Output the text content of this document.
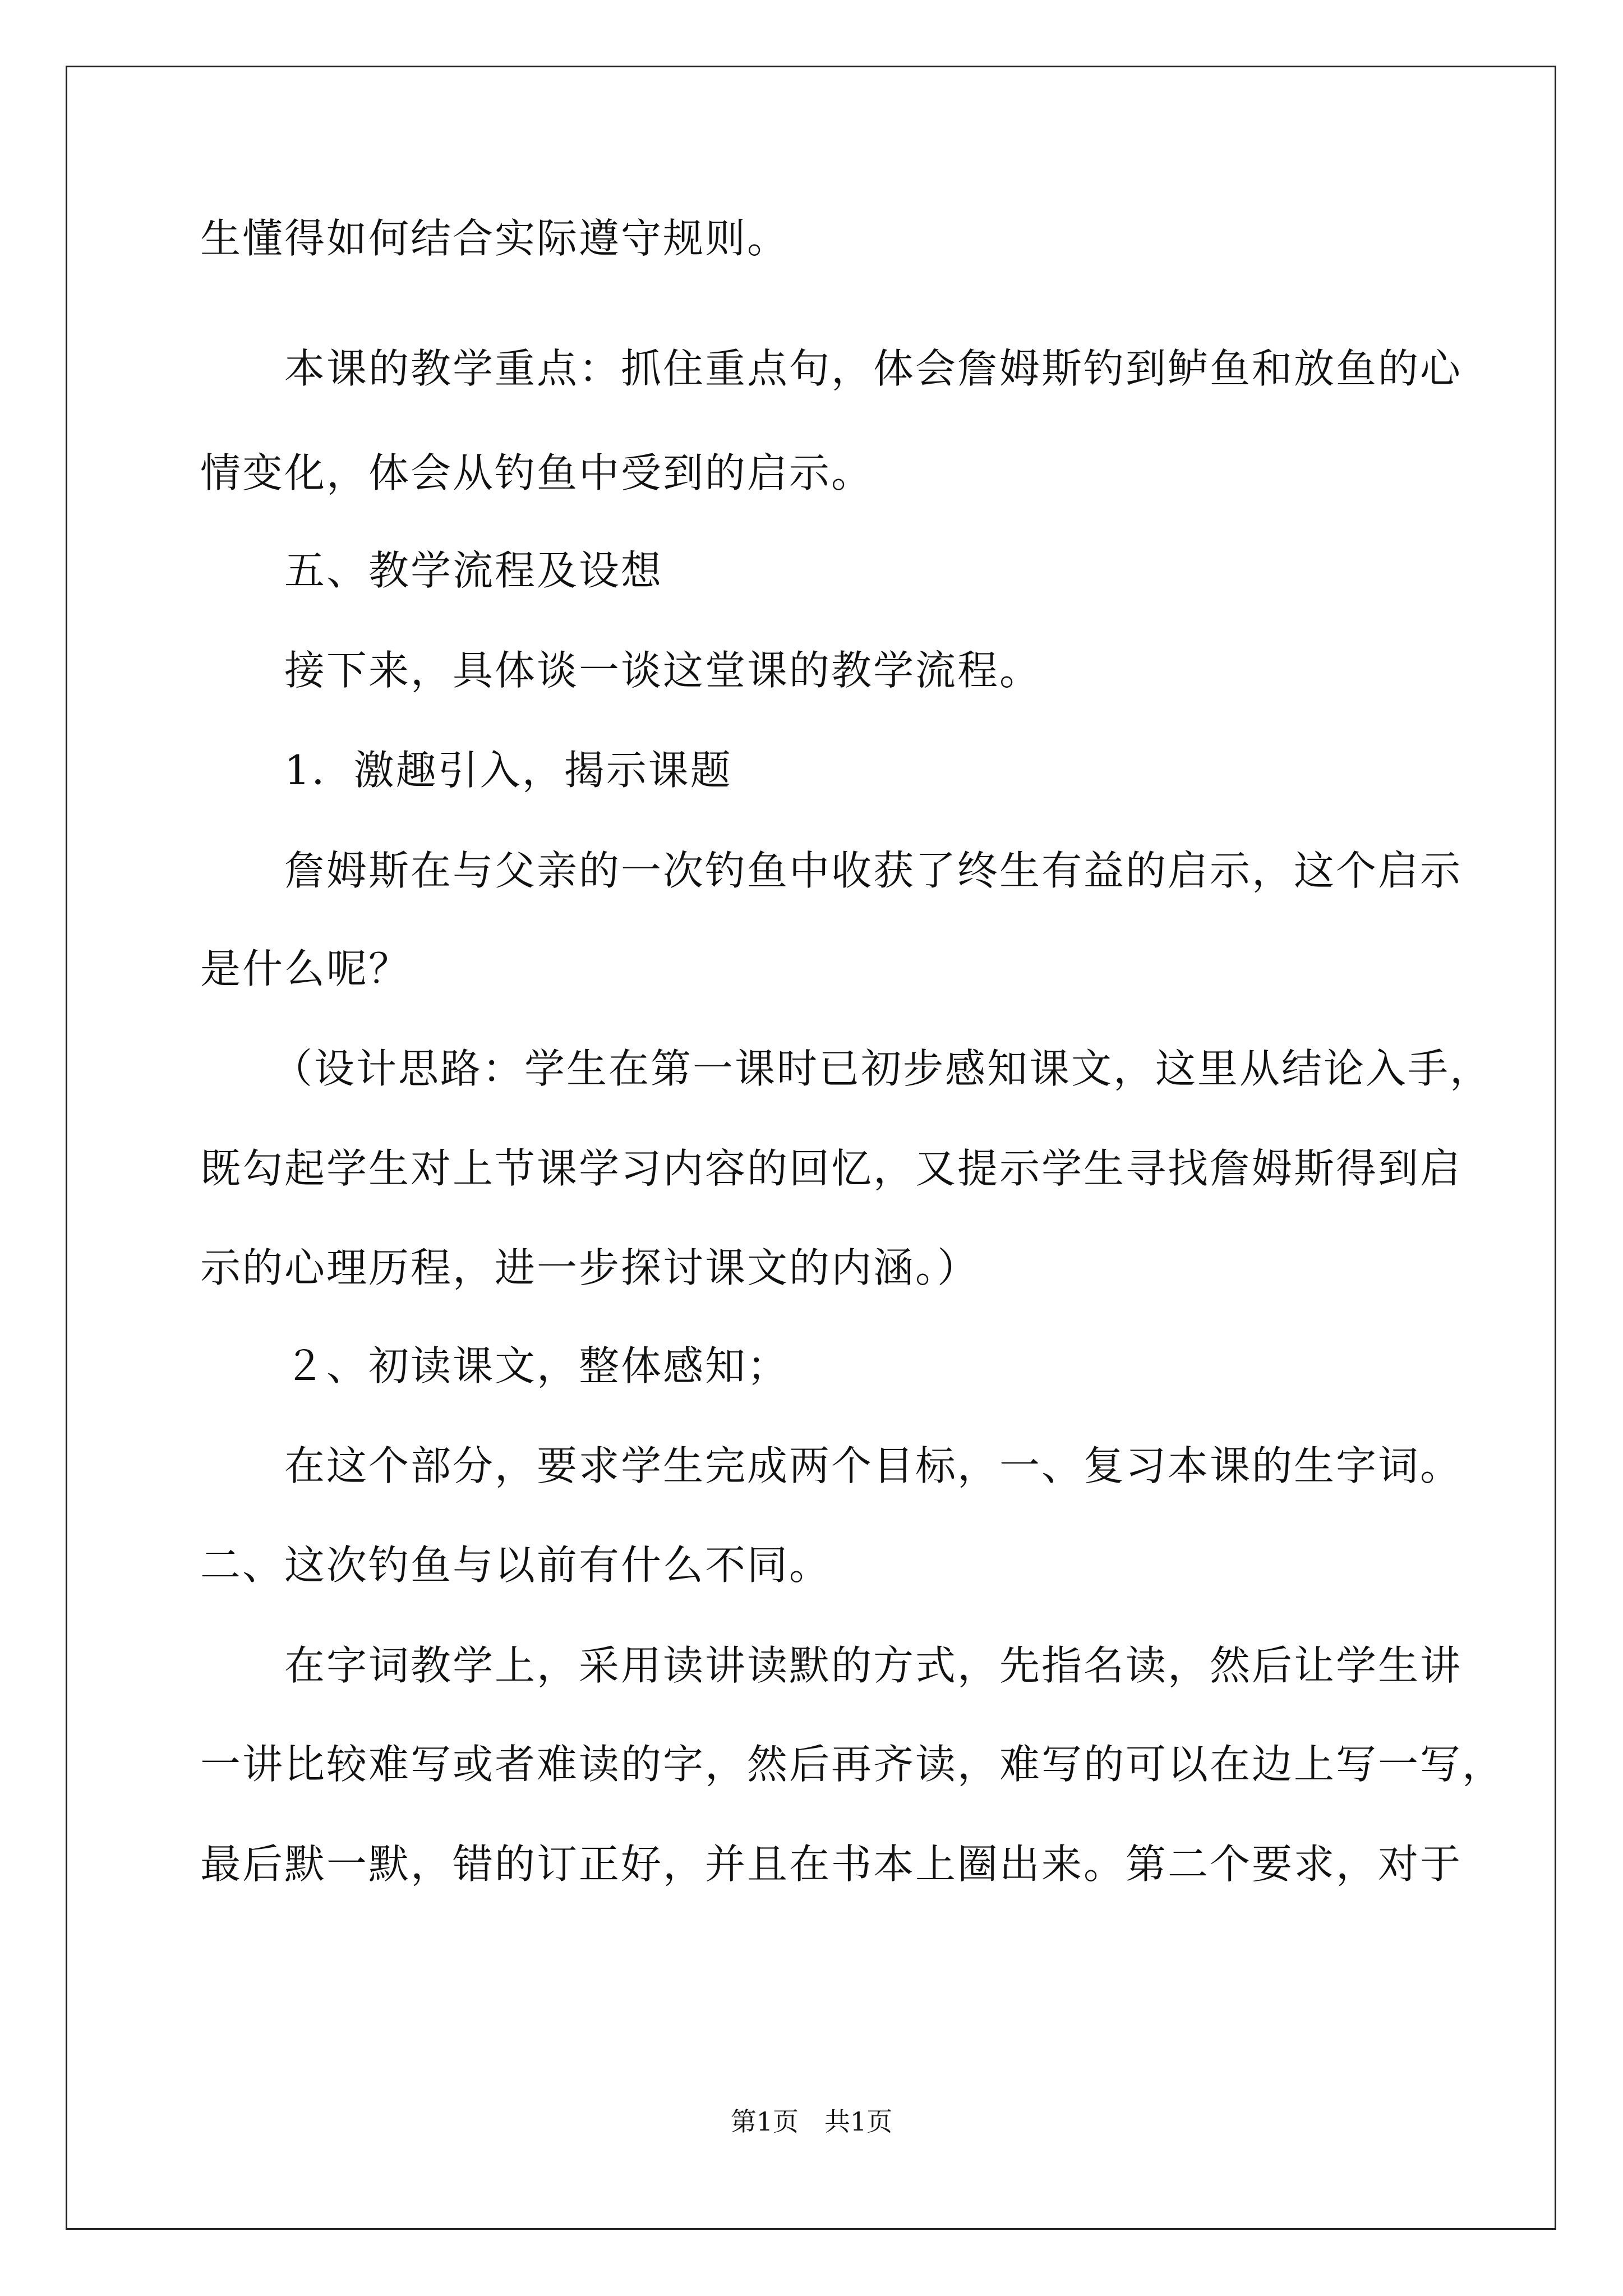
生懂得如何结合实际遵守规则。
本课的教学重点：抓住重点句，体会詹姆斯钓到鲈鱼和放鱼的心
情变化，体会从钓鱼中受到的启示。
五、教学流程及设想
接下来，具体谈一谈这堂课的教学流程。
1．激趣引入，揭示课题
詹姆斯在与父亲的一次钓鱼中收获了终生有益的启示，这个启示
是什么呢？
（设计思路：学生在第一课时已初步感知课文，这里从结论入手，
既勾起学生对上节课学习内容的回忆，又提示学生寻找詹姆斯得到启
示的心理历程，进一步探讨课文的内涵。）
２、初读课文，整体感知；
在这个部分，要求学生完成两个目标，一、复习本课的生字词。
二、这次钓鱼与以前有什么不同。
在字词教学上，采用读讲读默的方式，先指名读，然后让学生讲
一讲比较难写或者难读的字，然后再齐读，难写的可以在边上写一写，
最后默一默，错的订正好，并且在书本上圈出来。第二个要求，对于
第1页　共1页
